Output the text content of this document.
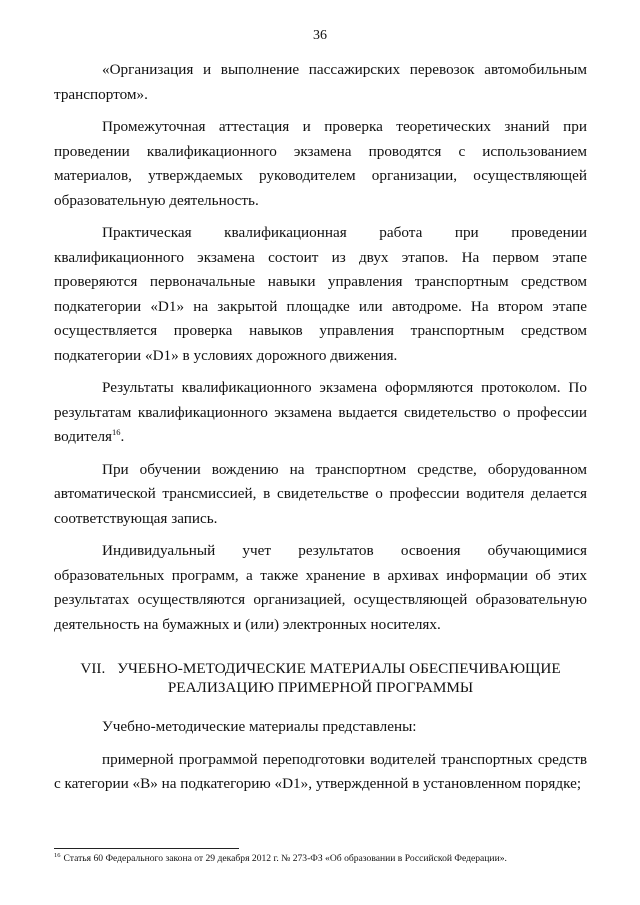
36

«Организация и выполнение пассажирских перевозок автомобильным транспортом».

Промежуточная аттестация и проверка теоретических знаний при проведении квалификационного экзамена проводятся с использованием материалов, утверждаемых руководителем организации, осуществляющей образовательную деятельность.

Практическая квалификационная работа при проведении квалификационного экзамена состоит из двух этапов. На первом этапе проверяются первоначальные навыки управления транспортным средством подкатегории «D1» на закрытой площадке или автодроме. На втором этапе осуществляется проверка навыков управления транспортным средством подкатегории «D1» в условиях дорожного движения.

Результаты квалификационного экзамена оформляются протоколом. По результатам квалификационного экзамена выдается свидетельство о профессии водителя$^{16}$.

При обучении вождению на транспортном средстве, оборудованном автоматической трансмиссией, в свидетельстве о профессии водителя делается соответствующая запись.

Индивидуальный учет результатов освоения обучающимися образовательных программ, а также хранение в архивах информации об этих результатах осуществляются организацией, осуществляющей образовательную деятельность на бумажных и (или) электронных носителях.

VII. УЧЕБНО-МЕТОДИЧЕСКИЕ МАТЕРИАЛЫ ОБЕСПЕЧИВАЮЩИЕ
РЕАЛИЗАЦИЮ ПРИМЕРНОЙ ПРОГРАММЫ

Учебно-методические материалы представлены:

примерной программой переподготовки водителей транспортных средств с категории «В» на подкатегорию «D1», утвержденной в установленном порядке;

$^{16}$ Статья 60 Федерального закона от 29 декабря 2012 г. № 273-ФЗ «Об образовании в Российской Федерации».
